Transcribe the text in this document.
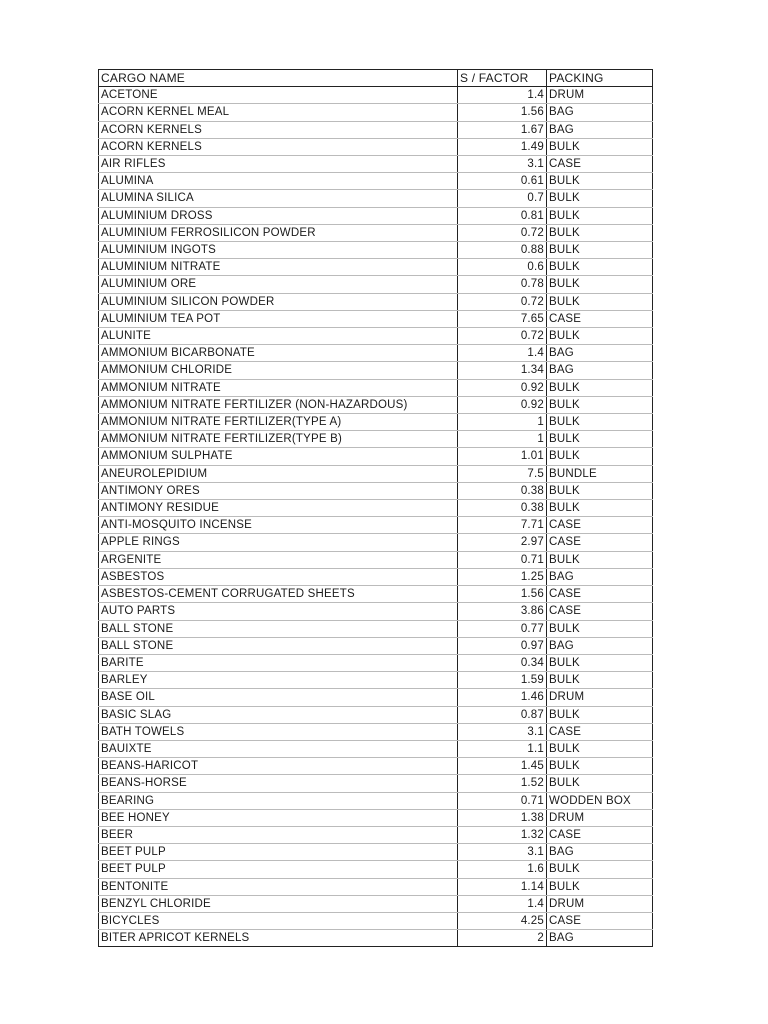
CARGO NAME	S / FACTOR	PACKING
ACETONE	1.4	DRUM
ACORN KERNEL MEAL	1.56	BAG
ACORN KERNELS	1.67	BAG
ACORN KERNELS	1.49	BULK
AIR RIFLES	3.1	CASE
ALUMINA	0.61	BULK
ALUMINA SILICA	0.7	BULK
ALUMINIUM DROSS	0.81	BULK
ALUMINIUM FERROSILICON POWDER	0.72	BULK
ALUMINIUM INGOTS	0.88	BULK
ALUMINIUM NITRATE	0.6	BULK
ALUMINIUM ORE	0.78	BULK
ALUMINIUM SILICON POWDER	0.72	BULK
ALUMINIUM TEA POT	7.65	CASE
ALUNITE	0.72	BULK
AMMONIUM BICARBONATE	1.4	BAG
AMMONIUM CHLORIDE	1.34	BAG
AMMONIUM NITRATE	0.92	BULK
AMMONIUM NITRATE FERTILIZER (NON-HAZARDOUS)	0.92	BULK
AMMONIUM NITRATE FERTILIZER(TYPE A)	1	BULK
AMMONIUM NITRATE FERTILIZER(TYPE B)	1	BULK
AMMONIUM SULPHATE	1.01	BULK
ANEUROLEPIDIUM	7.5	BUNDLE
ANTIMONY ORES	0.38	BULK
ANTIMONY RESIDUE	0.38	BULK
ANTI-MOSQUITO INCENSE	7.71	CASE
APPLE RINGS	2.97	CASE
ARGENITE	0.71	BULK
ASBESTOS	1.25	BAG
ASBESTOS-CEMENT CORRUGATED SHEETS	1.56	CASE
AUTO PARTS	3.86	CASE
BALL STONE	0.77	BULK
BALL STONE	0.97	BAG
BARITE	0.34	BULK
BARLEY	1.59	BULK
BASE OIL	1.46	DRUM
BASIC SLAG	0.87	BULK
BATH TOWELS	3.1	CASE
BAUIXTE	1.1	BULK
BEANS-HARICOT	1.45	BULK
BEANS-HORSE	1.52	BULK
BEARING	0.71	WODDEN BOX
BEE HONEY	1.38	DRUM
BEER	1.32	CASE
BEET PULP	3.1	BAG
BEET PULP	1.6	BULK
BENTONITE	1.14	BULK
BENZYL CHLORIDE	1.4	DRUM
BICYCLES	4.25	CASE
BITER APRICOT KERNELS	2	BAG
